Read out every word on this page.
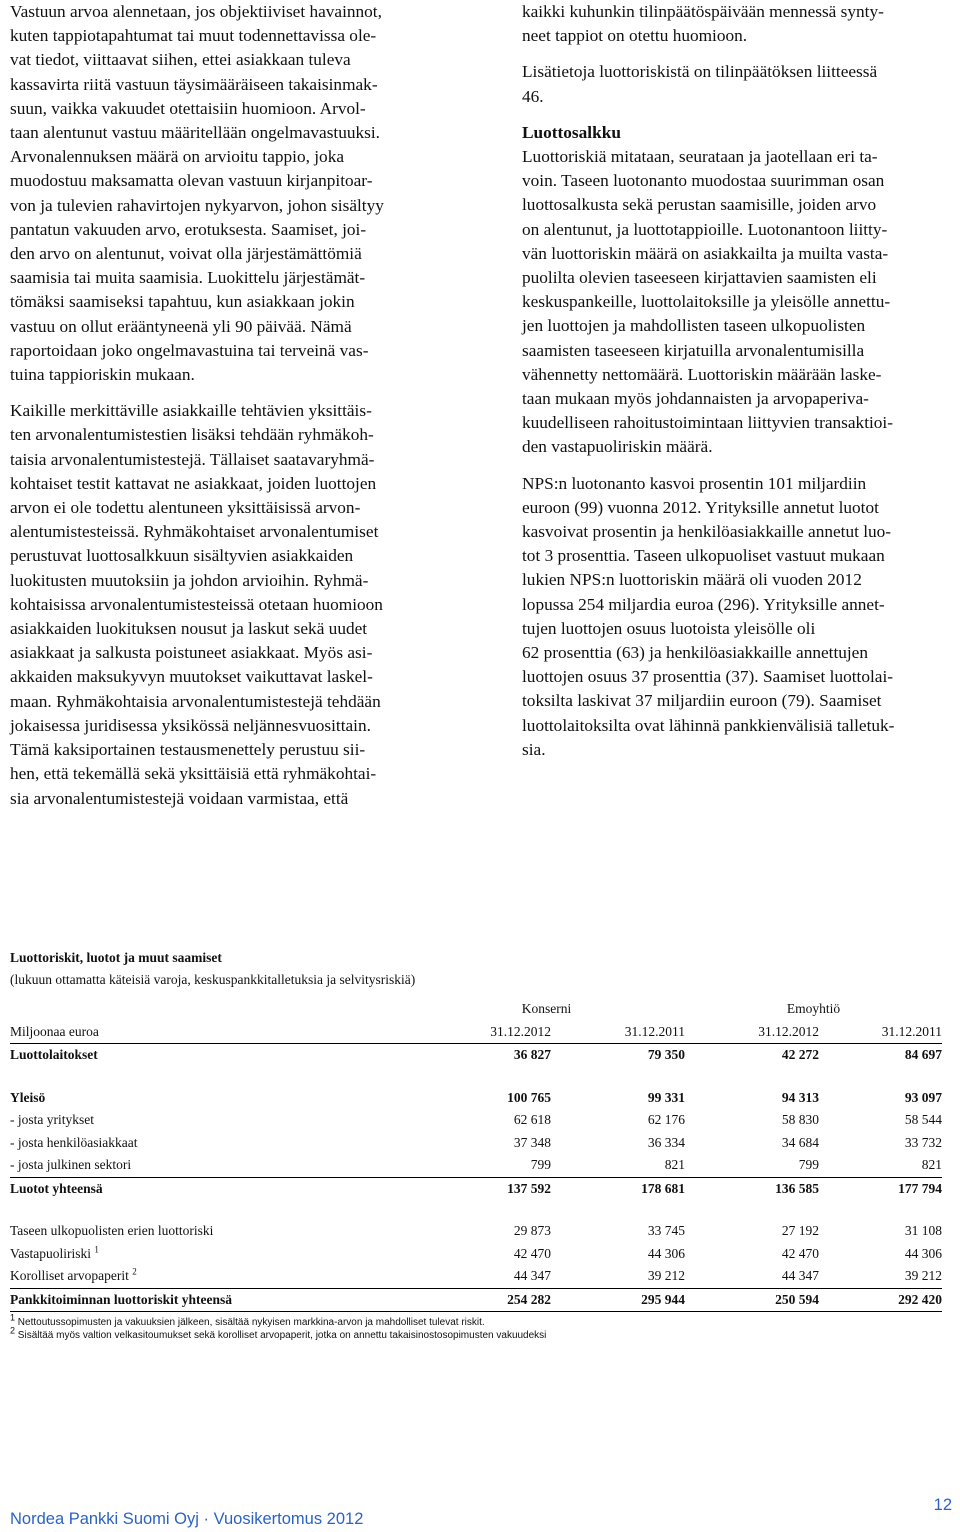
Vastuun arvoa alennetaan, jos objektiiviset havainnot,
kuten tappiotapahtumat tai muut todennettavissa ole-
vat tiedot, viittaavat siihen, ettei asiakkaan tuleva
kassavirta riitä vastuun täysimääräiseen takaisinmak-
suun, vaikka vakuudet otettaisiin huomioon. Arvol-
taan alentunut vastuu määritellään ongelmavastuuksi.
Arvonalennuksen määrä on arvioitu tappio, joka
muodostuu maksamatta olevan vastuun kirjanpitoar-
von ja tulevien rahavirtojen nykyarvon, johon sisältyy
pantatun vakuuden arvo, erotuksesta. Saamiset, joi-
den arvo on alentunut, voivat olla järjestämättömiä
saamisia tai muita saamisia. Luokittelu järjestämät-
tömäksi saamiseksi tapahtuu, kun asiakkaan jokin
vastuu on ollut erääntyneenä yli 90 päivää. Nämä
raportoidaan joko ongelmavastuina tai terveinä vas-
tuina tappioriskin mukaan.

Kaikille merkittäville asiakkaille tehtävien yksittäis-
ten arvonalentumistestien lisäksi tehdään ryhmäkoh-
taisia arvonalentumistestejä. Tällaiset saatavaryhmä-
kohtaiset testit kattavat ne asiakkaat, joiden luottojen
arvon ei ole todettu alentuneen yksittäisissä arvon-
alentumistesteissä. Ryhmäkohtaiset arvonalentumiset
perustuvat luottosalkkuun sisältyvien asiakkaiden
luokitusten muutoksiin ja johdon arvioihin. Ryhmä-
kohtaisissa arvonalentumistesteissä otetaan huomioon
asiakkaiden luokituksen nousut ja laskut sekä uudet
asiakkaat ja salkusta poistuneet asiakkaat. Myös asi-
akkaiden maksukyvyn muutokset vaikuttavat laskel-
maan. Ryhmäkohtaisia arvonalentumistestejä tehdään
jokaisessa juridisessa yksikössä neljännesvuosittain.
Tämä kaksiportainen testausmenettely perustuu sii-
hen, että tekemällä sekä yksittäisiä että ryhmäkohtai-
sia arvonalentumistestejä voidaan varmistaa, että

kaikki kuhunkin tilinpäätöspäivään mennessä synty-
neet tappiot on otettu huomioon.

Lisätietoja luottoriskistä on tilinpäätöksen liitteessä
46.

Luottosalkku

Luottoriskiä mitataan, seurataan ja jaotellaan eri ta-
voin. Taseen luotonanto muodostaa suurimman osan
luottosalkusta sekä perustan saamisille, joiden arvo
on alentunut, ja luottotappioille. Luotonantoon liitty-
vän luottoriskin määrä on asiakkailta ja muilta vasta-
puolilta olevien taseeseen kirjattavien saamisten eli
keskuspankeille, luottolaitoksille ja yleisölle annettu-
jen luottojen ja mahdollisten taseen ulkopuolisten
saamisten taseeseen kirjatuilla arvonalentumisilla
vähennetty nettomäärä. Luottoriskin määrään laske-
taan mukaan myös johdannaisten ja arvopaperiva-
kuudelliseen rahoitustoimintaan liittyvien transaktioi-
den vastapuoliriskin määrä.

NPS:n luotonanto kasvoi prosentin 101 miljardiin
euroon (99) vuonna 2012. Yrityksille annetut luotot
kasvoivat prosentin ja henkilöasiakkaille annetut luo-
tot 3 prosenttia. Taseen ulkopuoliset vastuut mukaan
lukien NPS:n luottoriskin määrä oli vuoden 2012
lopussa 254 miljardia euroa (296). Yrityksille annet-
tujen luottojen osuus luotoista yleisölle oli
62 prosenttia (63) ja henkilöasiakkaille annettujen
luottojen osuus 37 prosenttia (37). Saamiset luottolai-
toksilta laskivat 37 miljardiin euroon (79). Saamiset
luottolaitoksilta ovat lähinnä pankkienvälisiä talletuk-
sia.

Luottoriskit, luotot ja muut saamiset
(lukuun ottamatta käteisiä varoja, keskuspankkitalletuksia ja selvitysriskiä)
	Konserni		Emoyhtiö	
Miljoonaa euroa	31.12.2012	31.12.2011	31.12.2012	31.12.2011
Luottolaitokset	36 827	79 350	42 272	84 697

Yleisö	100 765	99 331	94 313	93 097
- josta yritykset	62 618	62 176	58 830	58 544
- josta henkilöasiakkaat	37 348	36 334	34 684	33 732
- josta julkinen sektori	799	821	799	821
Luotot yhteensä	137 592	178 681	136 585	177 794

Taseen ulkopuolisten erien luottoriski	29 873	33 745	27 192	31 108
Vastapuoliriski $^1$	42 470	44 306	42 470	44 306
Korolliset arvopaperit $^2$	44 347	39 212	44 347	39 212
Pankkitoiminnan luottoriskit yhteensä	254 282	295 944	250 594	292 420
$^1$ Nettoutussopimusten ja vakuuksien jälkeen, sisältää nykyisen markkina-arvon ja mahdolliset tulevat riskit.
$^2$ Sisältää myös valtion velkasitoumukset sekä korolliset arvopaperit, jotka on annettu takaisinostosopimusten vakuudeksi
Nordea Pankki Suomi Oyj · Vuosikertomus 2012
12
